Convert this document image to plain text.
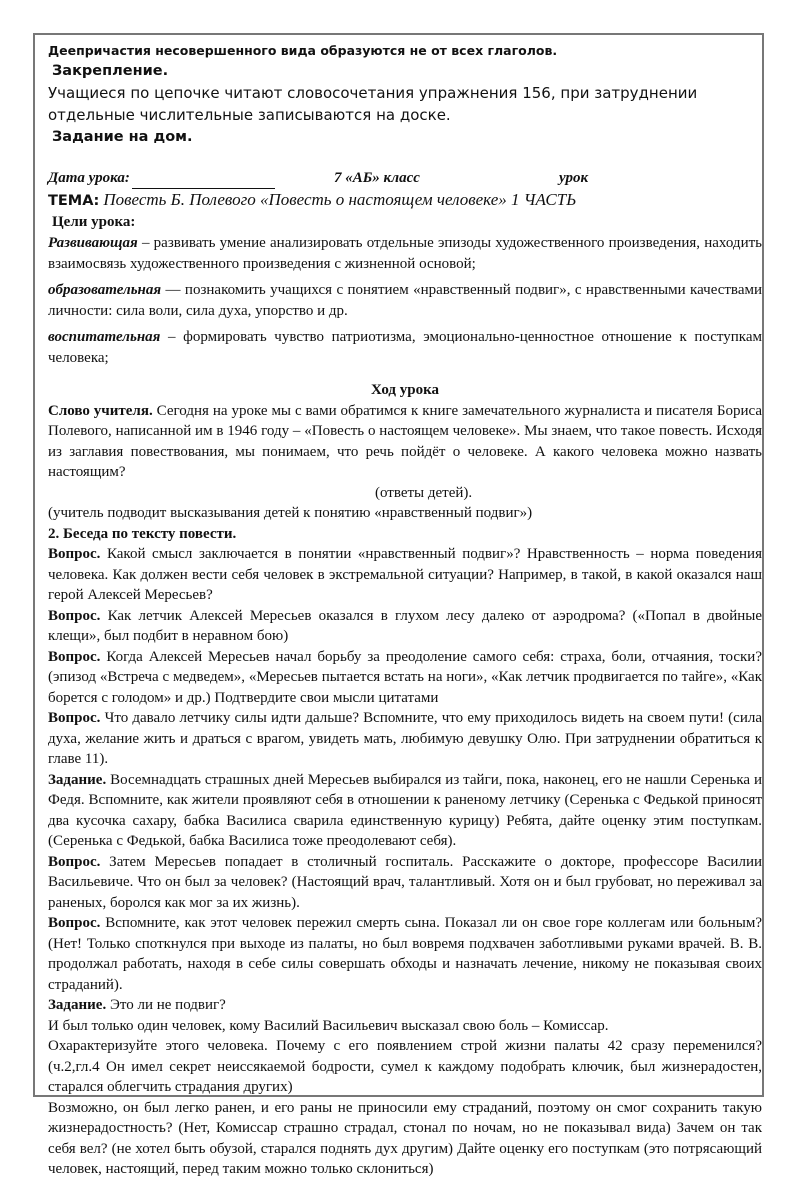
Деепричастия несовершенного вида образуются не от всех глаголов.

Закрепление.

Учащиеся по цепочке читают словосочетания упражнения 156, при затруднении отдельные числительные записываются на доске.

Задание на дом.

Дата урока:	7 «АБ» класс	урок

ТЕМА: Повесть Б. Полевого «Повесть о настоящем человеке» 1 ЧАСТЬ

Цели урока:

Развивающая – развивать умение анализировать отдельные эпизоды художественного произведения, находить взаимосвязь художественного произведения с жизненной основой;

образовательная — познакомить учащихся с понятием «нравственный подвиг», с нравственными качествами личности: сила воли, сила духа, упорство и др.

воспитательная – формировать чувство патриотизма, эмоционально-ценностное отношение к поступкам человека;

Ход урока

Слово учителя. Сегодня на уроке мы с вами обратимся к книге замечательного журналиста и писателя Бориса Полевого, написанной им в 1946 году – «Повесть о настоящем человеке». Мы знаем, что такое повесть. Исходя из заглавия повествования, мы понимаем, что речь пойдёт о человеке. А какого человека можно назвать настоящим?

(ответы детей).

(учитель подводит высказывания детей к понятию «нравственный подвиг»)

2. Беседа по тексту повести.

Вопрос. Какой смысл заключается в понятии «нравственный подвиг»? Нравственность – норма поведения человека. Как должен вести себя человек в экстремальной ситуации? Например, в такой, в какой оказался наш герой Алексей Мересьев?

Вопрос. Как летчик Алексей Мересьев оказался в глухом лесу далеко от аэродрома? («Попал в двойные клещи», был подбит в неравном бою)

Вопрос. Когда Алексей Мересьев начал борьбу за преодоление самого себя: страха, боли, отчаяния, тоски? (эпизод «Встреча с медведем», «Мересьев пытается встать на ноги», «Как летчик продвигается по тайге», «Как борется с голодом» и др.) Подтвердите свои мысли цитатами

Вопрос. Что давало летчику силы идти дальше? Вспомните, что ему приходилось видеть на своем пути! (сила духа, желание жить и драться с врагом, увидеть мать, любимую девушку Олю. При затруднении обратиться к главе 11).

Задание. Восемнадцать страшных дней Мересьев выбирался из тайги, пока, наконец, его не нашли Серенька и Федя. Вспомните, как жители проявляют себя в отношении к раненому летчику (Серенька с Федькой приносят два кусочка сахару, бабка Василиса сварила единственную курицу) Ребята, дайте оценку этим поступкам. (Серенька с Федькой, бабка Василиса тоже преодолевают себя).

Вопрос. Затем Мересьев попадает в столичный госпиталь. Расскажите о докторе, профессоре Василии Васильевиче. Что он был за человек? (Настоящий врач, талантливый. Хотя он и был грубоват, но переживал за раненых, боролся как мог за их жизнь).

Вопрос. Вспомните, как этот человек пережил смерть сына. Показал ли он свое горе коллегам или больным? (Нет! Только споткнулся при выходе из палаты, но был вовремя подхвачен заботливыми руками врачей. В. В. продолжал работать, находя в себе силы совершать обходы и назначать лечение, никому не показывая своих страданий).

Задание. Это ли не подвиг?

И был только один человек, кому Василий Васильевич высказал свою боль – Комиссар.

Охарактеризуйте этого человека. Почему с его появлением строй жизни палаты 42 сразу переменился? (ч.2,гл.4 Он имел секрет неиссякаемой бодрости, сумел к каждому подобрать ключик, был жизнерадостен, старался облегчить страдания других)

Возможно, он был легко ранен, и его раны не приносили ему страданий, поэтому он смог сохранить такую жизнерадостность? (Нет, Комиссар страшно страдал, стонал по ночам, но не показывал вида) Зачем он так себя вел? (не хотел быть обузой, старался поднять дух другим) Дайте оценку его поступкам (это потрясающий человек, настоящий, перед таким можно только склониться)
